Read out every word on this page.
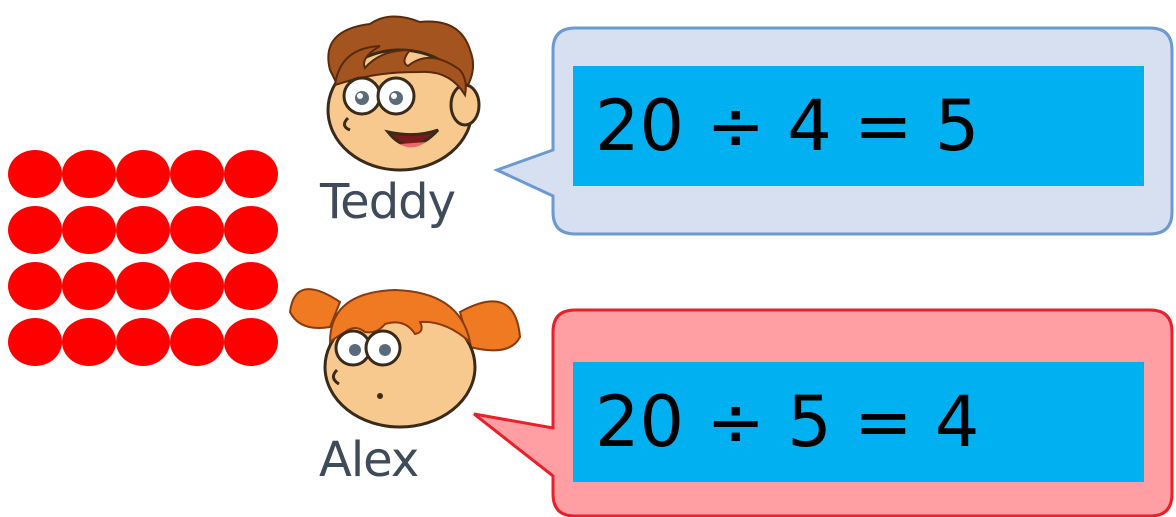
Teddy
Alex
20 ÷ 4 = 5
20 ÷ 5 = 4
